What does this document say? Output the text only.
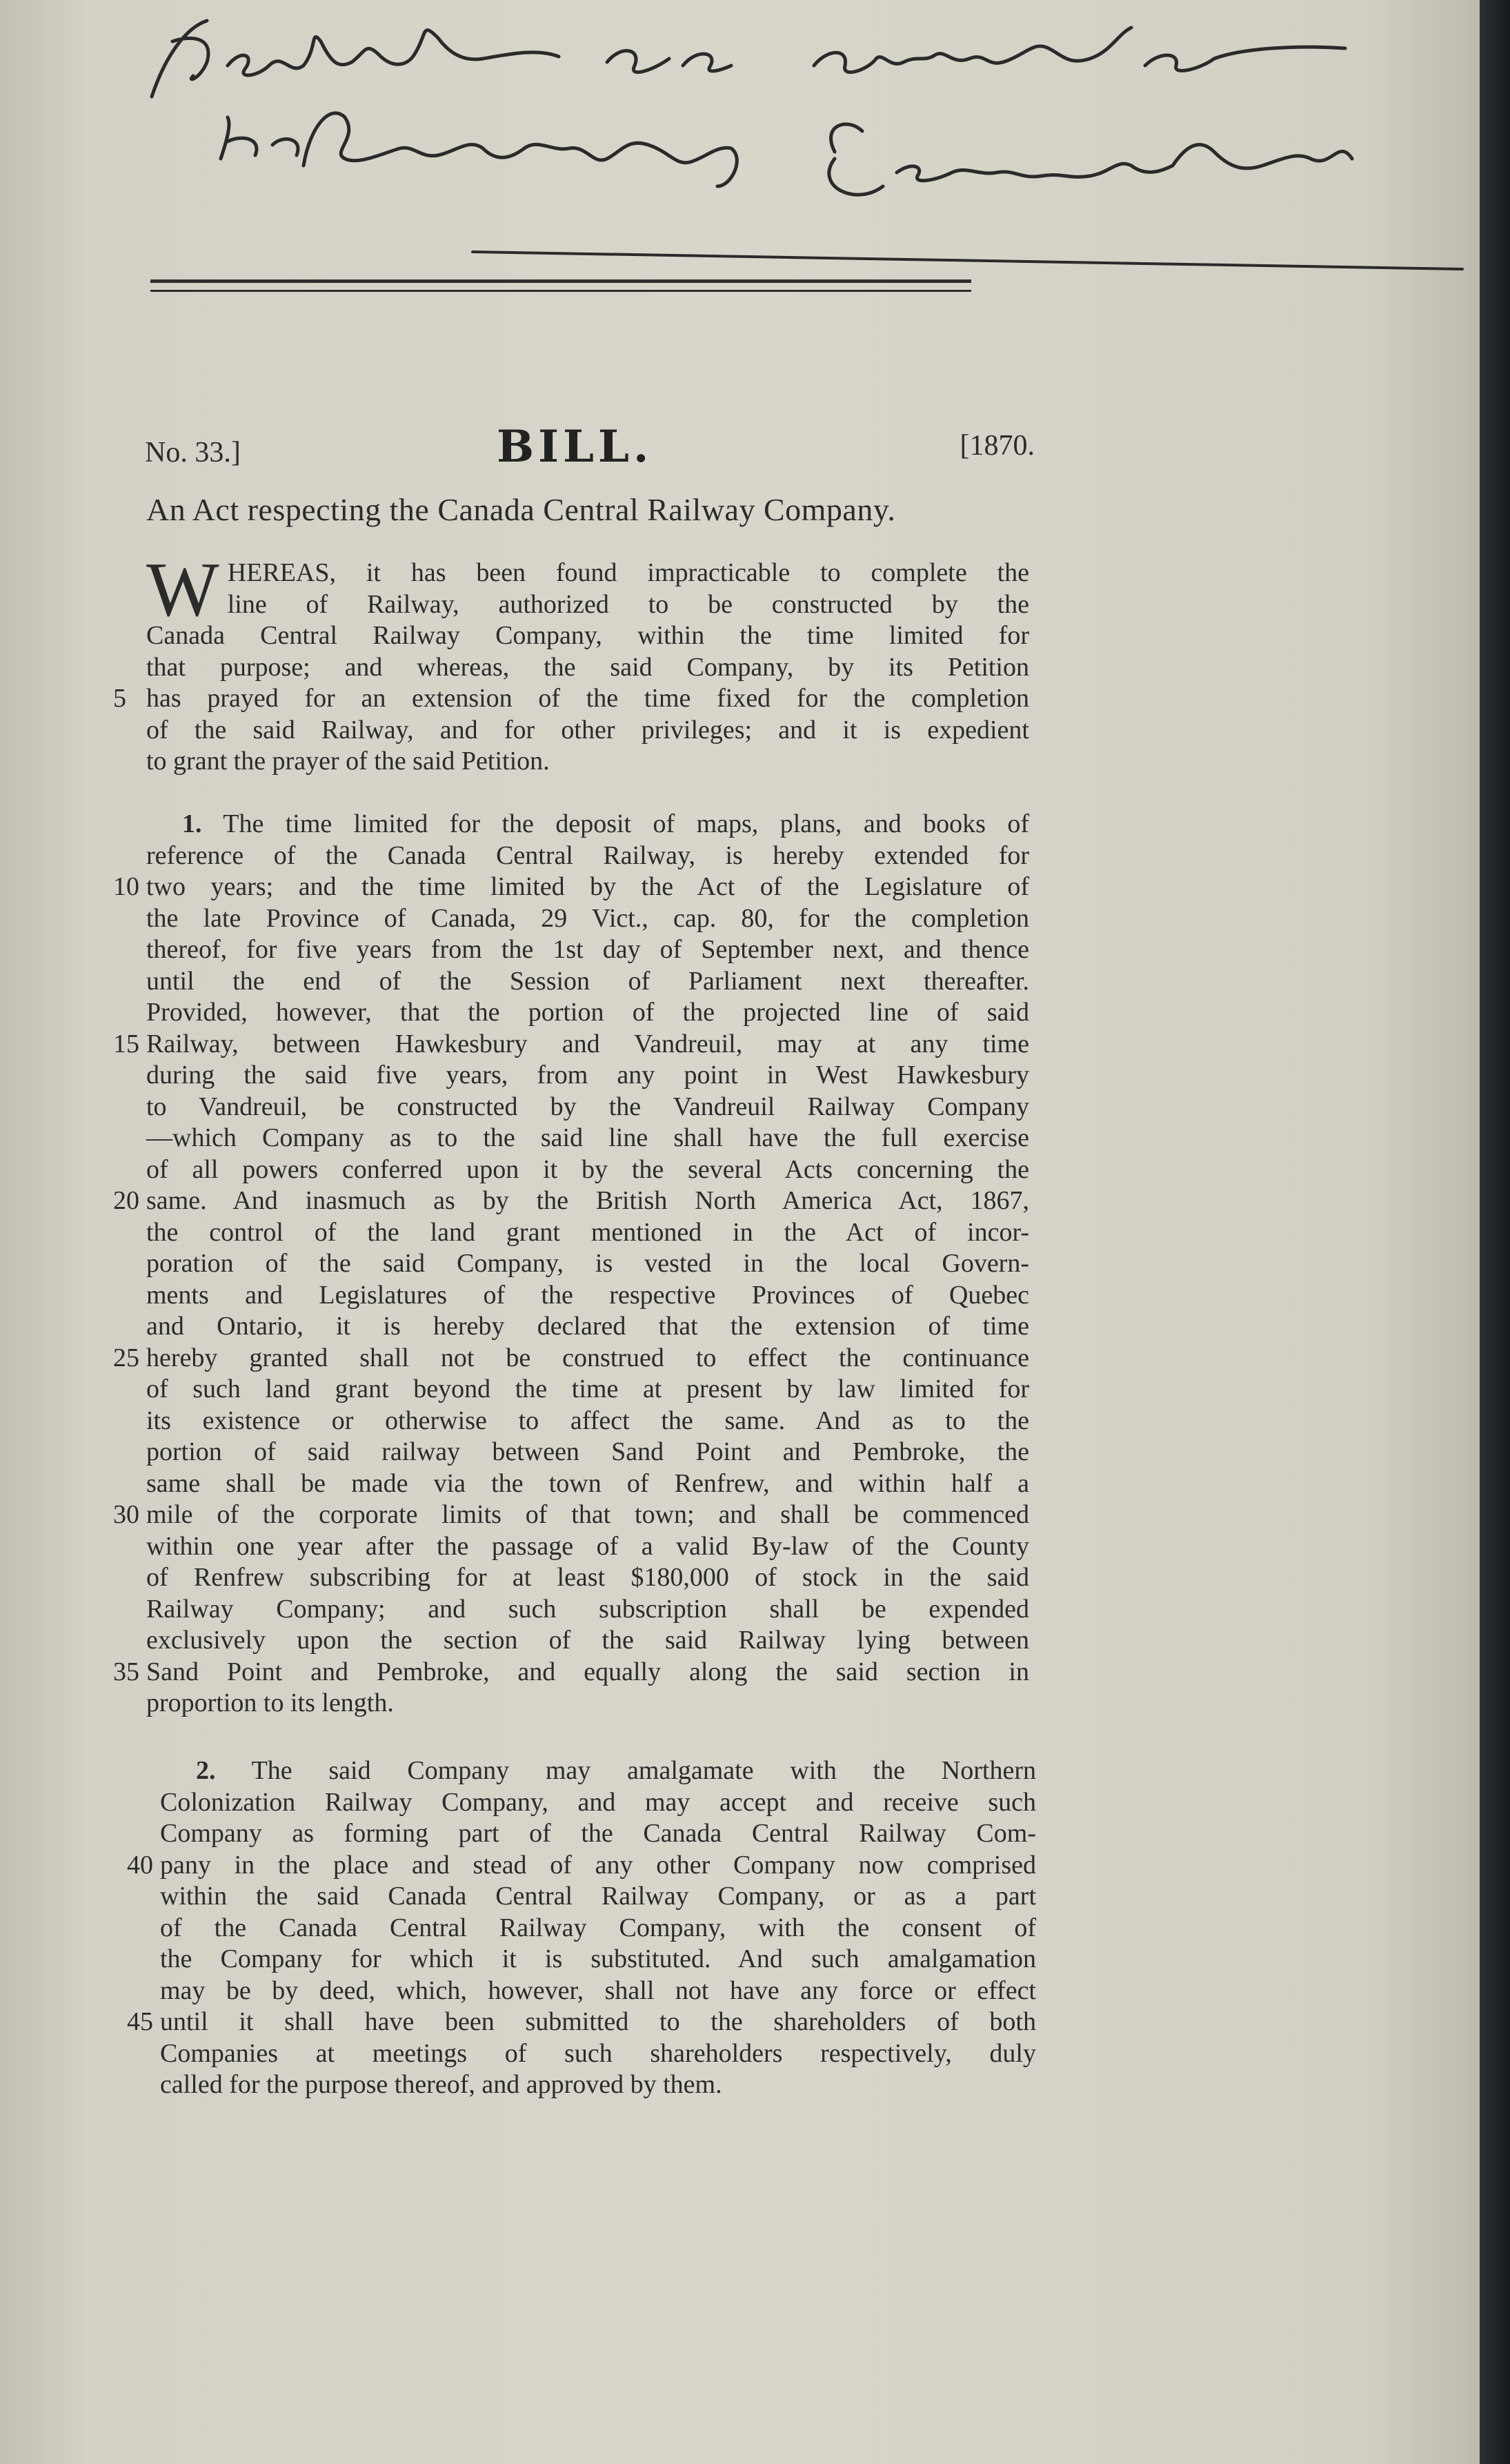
No. 33.]	BILL.	[1870.
An Act respecting the Canada Central Railway Company.
W HEREAS, it has been found impracticable to complete the
line of Railway, authorized to be constructed by the
Canada Central Railway Company, within the time limited for
that purpose; and whereas, the said Company, by its Petition
5 has prayed for an extension of the time fixed for the completion
of the said Railway, and for other privileges; and it is expedient
to grant the prayer of the said Petition.
1. The time limited for the deposit of maps, plans, and books of
reference of the Canada Central Railway, is hereby extended for
10 two years; and the time limited by the Act of the Legislature of
the late Province of Canada, 29 Vict., cap. 80, for the completion
thereof, for five years from the 1st day of September next, and thence
until the end of the Session of Parliament next thereafter.
Provided, however, that the portion of the projected line of said
15 Railway, between Hawkesbury and Vandreuil, may at any time
during the said five years, from any point in West Hawkesbury
to Vandreuil, be constructed by the Vandreuil Railway Company
—which Company as to the said line shall have the full exercise
of all powers conferred upon it by the several Acts concerning the
20 same. And inasmuch as by the British North America Act, 1867,
the control of the land grant mentioned in the Act of incor-
poration of the said Company, is vested in the local Govern-
ments and Legislatures of the respective Provinces of Quebec
and Ontario, it is hereby declared that the extension of time
25 hereby granted shall not be construed to effect the continuance
of such land grant beyond the time at present by law limited for
its existence or otherwise to affect the same. And as to the
portion of said railway between Sand Point and Pembroke, the
same shall be made via the town of Renfrew, and within half a
30 mile of the corporate limits of that town; and shall be commenced
within one year after the passage of a valid By-law of the County
of Renfrew subscribing for at least $180,000 of stock in the said
Railway Company; and such subscription shall be expended
exclusively upon the section of the said Railway lying between
35 Sand Point and Pembroke, and equally along the said section in
proportion to its length.
2. The said Company may amalgamate with the Northern
Colonization Railway Company, and may accept and receive such
Company as forming part of the Canada Central Railway Com-
40 pany in the place and stead of any other Company now comprised
within the said Canada Central Railway Company, or as a part
of the Canada Central Railway Company, with the consent of
the Company for which it is substituted. And such amalgamation
may be by deed, which, however, shall not have any force or effect
45 until it shall have been submitted to the shareholders of both
Companies at meetings of such shareholders respectively, duly
called for the purpose thereof, and approved by them.
